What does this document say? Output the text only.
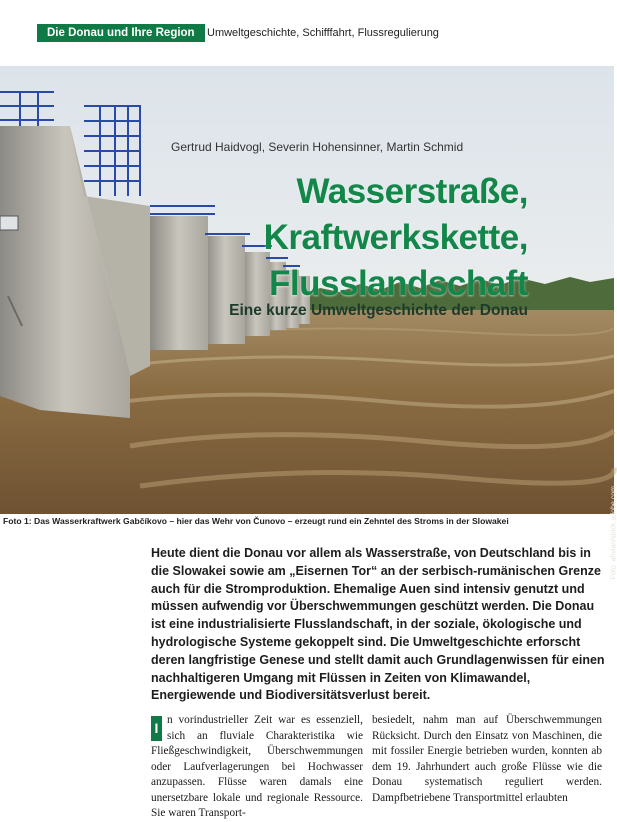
Die Donau und Ihre Region	Umweltgeschichte, Schifffahrt, Flussregulierung
Gertrud Haidvogl, Severin Hohensinner, Martin Schmid
Wasserstraße,
Kraftwerkskette,
Flusslandschaft
Eine kurze Umweltgeschichte der Donau
Foto: ahvian/stock.adobe.com
Foto 1: Das Wasserkraftwerk Gabčíkovo – hier das Wehr von Čunovo – erzeugt rund ein Zehntel des Stroms in der Slowakei
Heute dient die Donau vor allem als Wasserstraße, von Deutschland bis in die Slowakei sowie am „Eisernen Tor“ an der serbisch-rumänischen Grenze auch für die Stromproduktion. Ehemalige Auen sind intensiv genutzt und müssen aufwendig vor Überschwemmungen geschützt werden. Die Donau ist eine industrialisierte Flusslandschaft, in der soziale, ökologische und hydrologische Systeme gekoppelt sind. Die Umweltgeschichte erforscht deren langfristige Genese und stellt damit auch Grundlagenwissen für einen nachhaltigeren Umgang mit Flüssen in Zeiten von Klimawandel, Energiewende und Biodiversitätsverlust bereit.
I n vorindustrieller Zeit war es essenziell, sich an fluviale Charakteristika wie Fließgeschwindigkeit, Überschwemmungen oder Laufverlagerungen bei Hochwasser anzupassen. Flüsse waren damals eine unersetzbare lokale und regionale Ressource. Sie waren Transport-
besiedelt, nahm man auf Überschwemmungen Rücksicht. Durch den Einsatz von Maschinen, die mit fossiler Energie betrieben wurden, konnten ab dem 19. Jahrhundert auch große Flüsse wie die Donau systematisch reguliert werden. Dampfbetriebene Transportmittel erlaubten
